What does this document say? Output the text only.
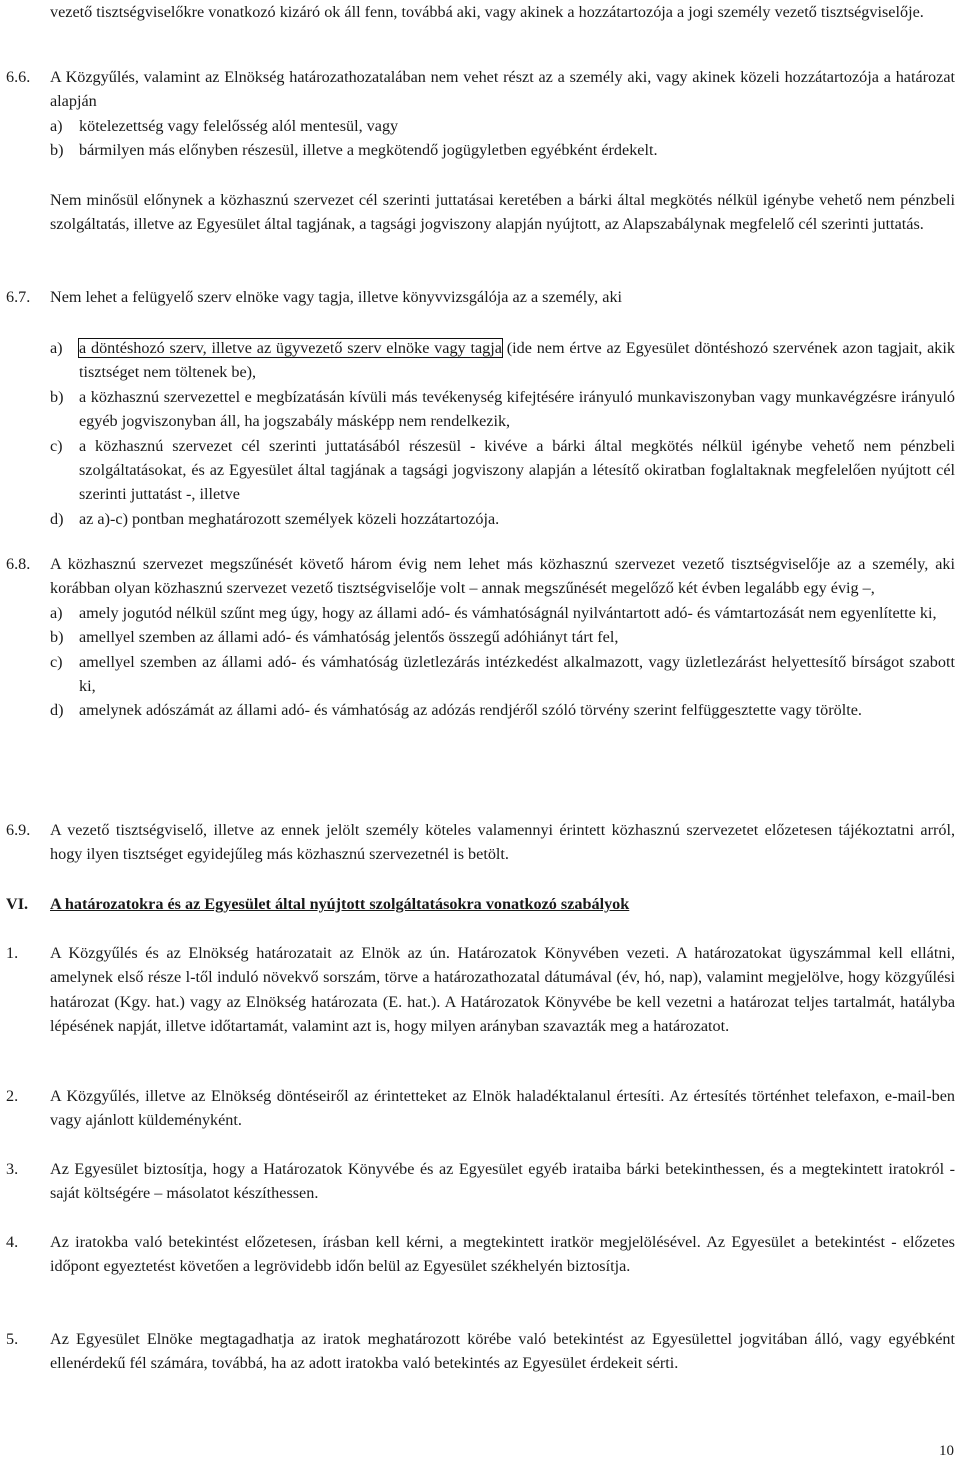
vezető tisztségviselőkre vonatkozó kizáró ok áll fenn, továbbá aki, vagy akinek a hozzátartozója a jogi személy vezető tisztségviselője.

6.6.	A Közgyűlés, valamint az Elnökség határozathozatalában nem vehet részt az a személy aki, vagy akinek közeli hozzátartozója a határozat alapján

a)	kötelezettség vagy felelősség alól mentesül, vagy
b) bármilyen más előnyben részesül, illetve a megkötendő jogügyletben egyébként érdekelt.

Nem minősül előnynek a közhasznú szervezet cél szerinti juttatásai keretében a bárki által megkötés nélkül igénybe vehető nem pénzbeli szolgáltatás, illetve az Egyesület által tagjának, a tagsági jogviszony alapján nyújtott, az Alapszabálynak megfelelő cél szerinti juttatás.

6.7.	Nem lehet a felügyelő szerv elnöke vagy tagja, illetve könyvvizsgálója az a személy, aki

a)	a döntéshozó szerv, illetve az ügyvezető szerv elnöke vagy tagja (ide nem értve az Egyesület döntéshozó szervének azon tagjait, akik tisztséget nem töltenek be),
b) a közhasznú szervezettel e megbízatásán kívüli más tevékenység kifejtésére irányuló munkaviszonyban vagy munkavégzésre irányuló egyéb jogviszonyban áll, ha jogszabály másképp nem rendelkezik,
c)	a közhasznú szervezet cél szerinti juttatásából részesül - kivéve a bárki által megkötés nélkül igénybe vehető nem pénzbeli szolgáltatásokat, és az Egyesület által tagjának a tagsági jogviszony alapján a létesítő okiratban foglaltaknak megfelelően nyújtott cél szerinti juttatást -, illetve
d) az a)-c) pontban meghatározott személyek közeli hozzátartozója.
6.8.	A közhasznú szervezet megszűnését követő három évig nem lehet más közhasznú szervezet vezető tisztségviselője az a személy, aki korábban olyan közhasznú szervezet vezető tisztségviselője volt – annak megszűnését megelőző két évben legalább egy évig –,

a)	amely jogutód nélkül szűnt meg úgy, hogy az állami adó- és vámhatóságnál nyilvántartott adó- és vámtartozását nem egyenlítette ki,
b) amellyel szemben az állami adó- és vámhatóság jelentős összegű adóhiányt tárt fel,
c)	amellyel szemben az állami adó- és vámhatóság üzletlezárás intézkedést alkalmazott, vagy üzletlezárást helyettesítő bírságot szabott ki,
d) amelynek adószámát az állami adó- és vámhatóság az adózás rendjéről szóló törvény szerint felfüggesztette vagy törölte.
6.9.	A vezető tisztségviselő, illetve az ennek jelölt személy köteles valamennyi érintett közhasznú szervezetet előzetesen tájékoztatni arról, hogy ilyen tisztséget egyidejűleg más közhasznú szervezetnél is betölt.

VI.	A határozatokra és az Egyesület által nyújtott szolgáltatásokra vonatkozó szabályok
1.	A Közgyűlés és az Elnökség határozatait az Elnök az ún. Határozatok Könyvében vezeti. A határozatokat ügyszámmal kell ellátni, amelynek első része l-től induló növekvő sorszám, törve a határozathozatal dátumával (év, hó, nap), valamint megjelölve, hogy közgyűlési határozat (Kgy. hat.) vagy az Elnökség határozata (E. hat.). A Határozatok Könyvébe be kell vezetni a határozat teljes tartalmát, hatályba lépésének napját, illetve időtartamát, valamint azt is, hogy milyen arányban szavazták meg a határozatot.

2.	A Közgyűlés, illetve az Elnökség döntéseiről az érintetteket az Elnök haladéktalanul értesíti. Az értesítés történhet telefaxon, e-mail-ben vagy ajánlott küldeményként.

3.	Az Egyesület biztosítja, hogy a Határozatok Könyvébe és az Egyesület egyéb irataiba bárki betekinthessen, és a megtekintett iratokról - saját költségére – másolatot készíthessen.

4.	Az iratokba való betekintést előzetesen, írásban kell kérni, a megtekintett iratkör megjelölésével. Az Egyesület a betekintést - előzetes időpont egyeztetést követően a legrövidebb időn belül az Egyesület székhelyén biztosítja.

5.	Az Egyesület Elnöke megtagadhatja az iratok meghatározott körébe való betekintést az Egyesülettel jogvitában álló, vagy egyébként ellenérdekű fél számára, továbbá, ha az adott iratokba való betekintés az Egyesület érdekeit sérti.

10
